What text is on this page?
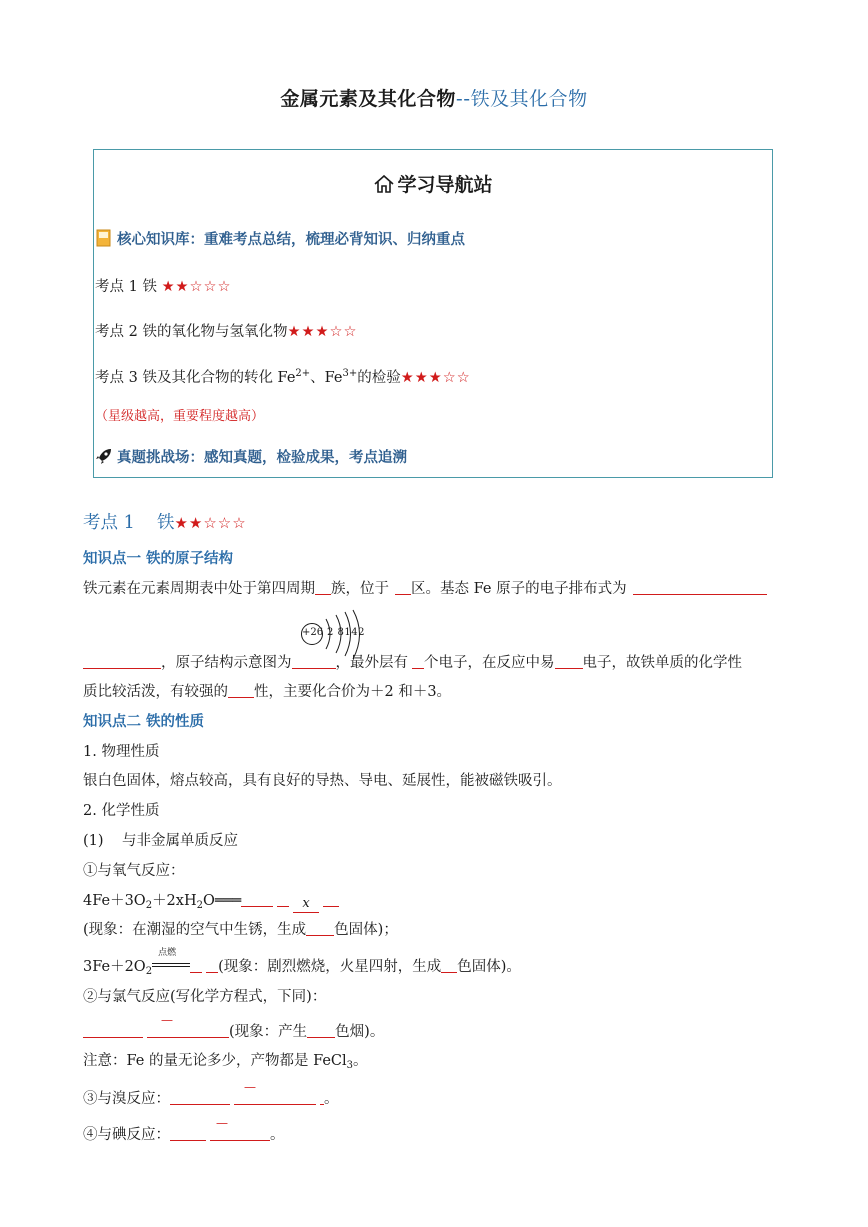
金属元素及其化合物--铁及其化合物
学习导航站
核心知识库：重难考点总结，梳理必背知识、归纳重点
考点 1 铁 ★★☆☆☆
考点 2 铁的氧化物与氢氧化物★★★☆☆
考点 3 铁及其化合物的转化 $Fe^{2+}$、$Fe^{3+}$的检验★★★☆☆
（星级越高，重要程度越高）
真题挑战场：感知真题，检验成果，考点追溯
考点 1    铁★★☆☆☆
知识点一 铁的原子结构
铁元素在元素周期表中处于第四周期 族，位于 区。基态 Fe 原子的电子排布式为
+26 2 8142
，原子结构示意图为	，最外层有 个电子，在反应中易 电子，故铁单质的化学性
质比较活泼，有较强的 性，主要化合价为＋2 和＋3。
知识点二 铁的性质
1. 物理性质
银白色固体，熔点较高，具有良好的导热、导电、延展性，能被磁铁吸引。
2. 化学性质
(1)    与非金属单质反应
①与氧气反应：
$4Fe+3O_2+2xH_2O═══$	x
(现象：在潮湿的空气中生锈，生成 色固体)；
$3Fe+2O_2$
点燃
(现象：剧烈燃烧，火星四射，生成 色固体)。
②与氯气反应(写化学方程式，下同)：
—
(现象：产生 色烟)。
注意：Fe 的量无论多少，产物都是 FeCl$_3$。
③与溴反应：
—
。
④与碘反应：
—
。
